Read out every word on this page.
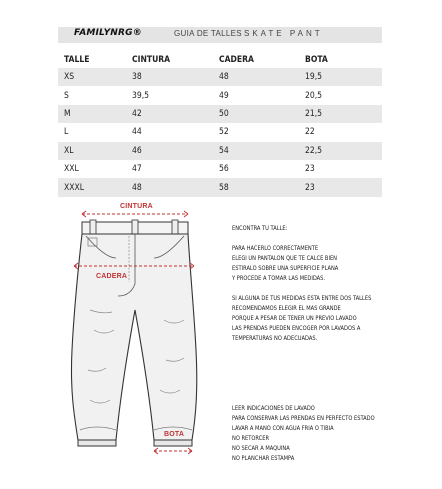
FAMILYNRG®	GUIA DE TALLES SKATE PANT
TALLE	CINTURA	CADERA	BOTA
XS	38	48	19,5
S	39,5	49	20,5
M	42	50	21,5
L	44	52	22
XL	46	54	22,5
XXL	47	56	23
XXXL	48	58	23
CINTURA
CADERA
BOTA

ENCONTRA TU TALLE:

PARA HACERLO CORRECTAMENTE

ELEGI UN PANTALON QUE TE CALCE BIEN

ESTIRALO SOBRE UNA SUPERFICIE PLANA

Y PROCEDE A TOMAR LAS MEDIDAS.

SI ALGUNA DE TUS MEDIDAS ESTA ENTRE DOS TALLES

RECOMENDAMOS ELEGIR EL MAS GRANDE

PORQUE A PESAR DE TENER UN PREVIO LAVADO

LAS PRENDAS PUEDEN ENCOGER POR LAVADOS A

TEMPERATURAS NO ADECUADAS.

LEER INDICACIONES DE LAVADO

PARA CONSERVAR LAS PRENDAS EN PERFECTO ESTADO

LAVAR A MANO CON AGUA FRIA O TIBIA

NO RETORCER

NO SECAR A MAQUINA

NO PLANCHAR ESTAMPA
